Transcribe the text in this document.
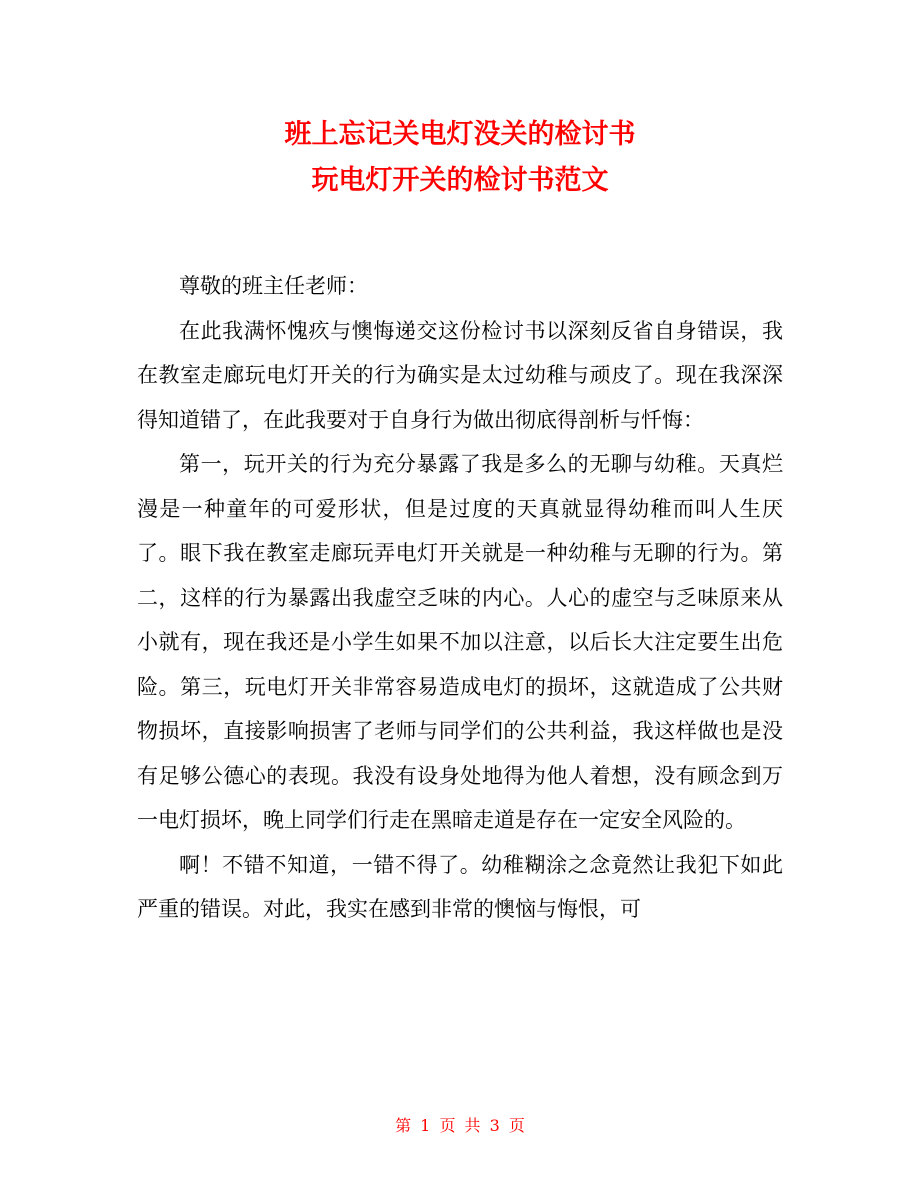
班上忘记关电灯没关的检讨书
玩电灯开关的检讨书范文

尊敬的班主任老师：

在此我满怀愧疚与懊悔递交这份检讨书以深刻反省自身错误，我在教室走廊玩电灯开关的行为确实是太过幼稚与顽皮了。现在我深深得知道错了，在此我要对于自身行为做出彻底得剖析与忏悔：

第一，玩开关的行为充分暴露了我是多么的无聊与幼稚。天真烂漫是一种童年的可爱形状，但是过度的天真就显得幼稚而叫人生厌了。眼下我在教室走廊玩弄电灯开关就是一种幼稚与无聊的行为。第二，这样的行为暴露出我虚空乏味的内心。人心的虚空与乏味原来从小就有，现在我还是小学生如果不加以注意，以后长大注定要生出危险。第三，玩电灯开关非常容易造成电灯的损坏，这就造成了公共财物损坏，直接影响损害了老师与同学们的公共利益，我这样做也是没有足够公德心的表现。我没有设身处地得为他人着想，没有顾念到万一电灯损坏，晚上同学们行走在黑暗走道是存在一定安全风险的。

啊！不错不知道，一错不得了。幼稚糊涂之念竟然让我犯下如此严重的错误。对此，我实在感到非常的懊恼与悔恨，可

第 1 页 共 3 页
